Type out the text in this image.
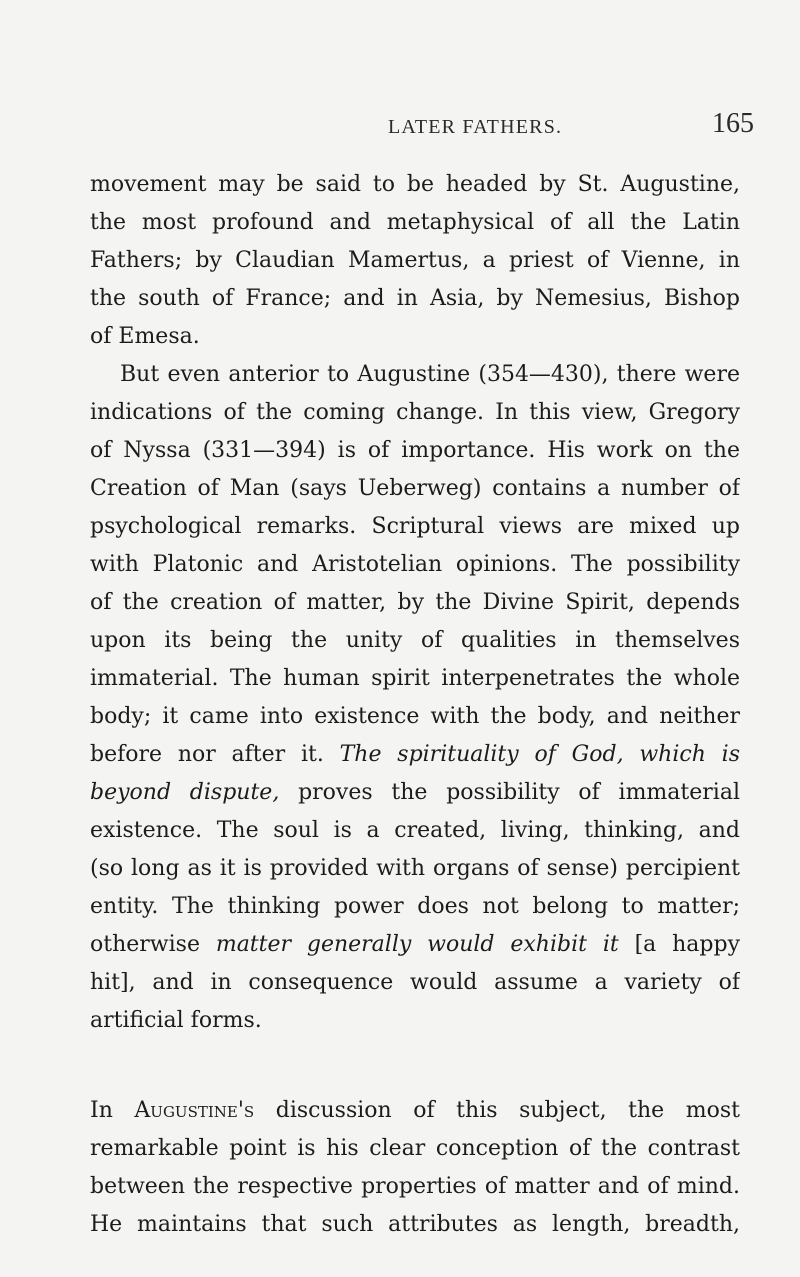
LATER FATHERS.	165
movement may be said to be headed by St. Augustine,
the most profound and metaphysical of all the Latin
Fathers; by Claudian Mamertus, a priest of Vienne, in
the south of France; and in Asia, by Nemesius, Bishop
of Emesa.
But even anterior to Augustine (354—430), there were
indications of the coming change. In this view, Gregory
of Nyssa (331—394) is of importance. His work on the
Creation of Man (says Ueberweg) contains a number of
psychological remarks. Scriptural views are mixed up
with Platonic and Aristotelian opinions. The possibility
of the creation of matter, by the Divine Spirit, depends
upon its being the unity of qualities in themselves
immaterial. The human spirit interpenetrates the whole
body; it came into existence with the body, and neither
before nor after it. The spirituality of God, which is
beyond dispute, proves the possibility of immaterial
existence. The soul is a created, living, thinking, and
(so long as it is provided with organs of sense) percipient
entity. The thinking power does not belong to matter;
otherwise matter generally would exhibit it [a happy
hit], and in consequence would assume a variety of
artificial forms.
In Augustine's discussion of this subject, the most
remarkable point is his clear conception of the contrast
between the respective properties of matter and of mind.
He maintains that such attributes as length, breadth,
